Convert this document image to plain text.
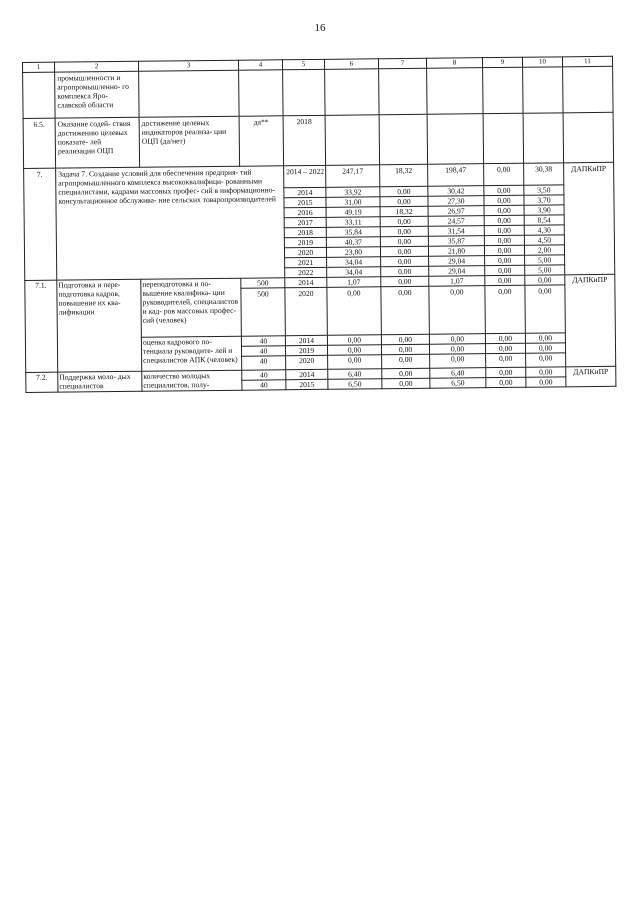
16
1	2	3	4	5	6	7	8	9	10	11
	промышленности и агропромышленно- го комплекса Яро- славской области									
6.5.	Оказание содей- ствия достижению целевых показате- лей реализации ОЦП	достижение целевых индикаторов реализа- ции ОЦП (да/нет)	да**	2018						
7.	Задача 7. Создание условий для обеспечения предприя- тий агропромышленного комплекса высококвалифици- рованными специалистами, кадрами массовых профес- сий в информационно-консультационное обслужива- ние сельских товаропроизводителей			2014 – 2022	247,17	18,32	198,47	0,00	30,38	ДАПКиПР
				2014	33,92	0,00	30,42	0,00	3,50	
				2015	31,00	0,00	27,30	0,00	3,70	
				2016	49,19	18,32	26,97	0,00	3,90	
				2017	33,11	0,00	24,57	0,00	8,54	
				2018	35,84	0,00	31,54	0,00	4,30	
				2019	40,37	0,00	35,87	0,00	4,50	
				2020	23,80	0,00	21,80	0,00	2,00	
				2021	34,04	0,00	29,04	0,00	5,00	
				2022	34,04	0,00	29,04	0,00	5,00	
7.1.	Подготовка и пере- подготовка кадров, повышение их ква- лификации	переподготовка и по- вышение квалифика- ции руководителей, специалистов и кад- ров массовых профес- сий (человек)	500	2014	1,07	0,00	1,07	0,00	0,00	ДАПКиПР
			500	2020	0,00	0,00	0,00	0,00	0,00	
		оценка кадрового по- тенциала руководите- лей и специалистов АПК (человек)	40	2014	0,00	0,00	0,00	0,00	0,00	
			40	2019	0,00	0,00	0,00	0,00	0,00	
			40	2020	0,00	0,00	0,00	0,00	0,00	
7.2.	Поддержка моло- дых специалистов	количество молодых специалистов, полу-	40	2014	6,40	0,00	6,40	0,00	0,00	ДАПКиПР
			40	2015	6,50	0,00	6,50	0,00	0,00	
